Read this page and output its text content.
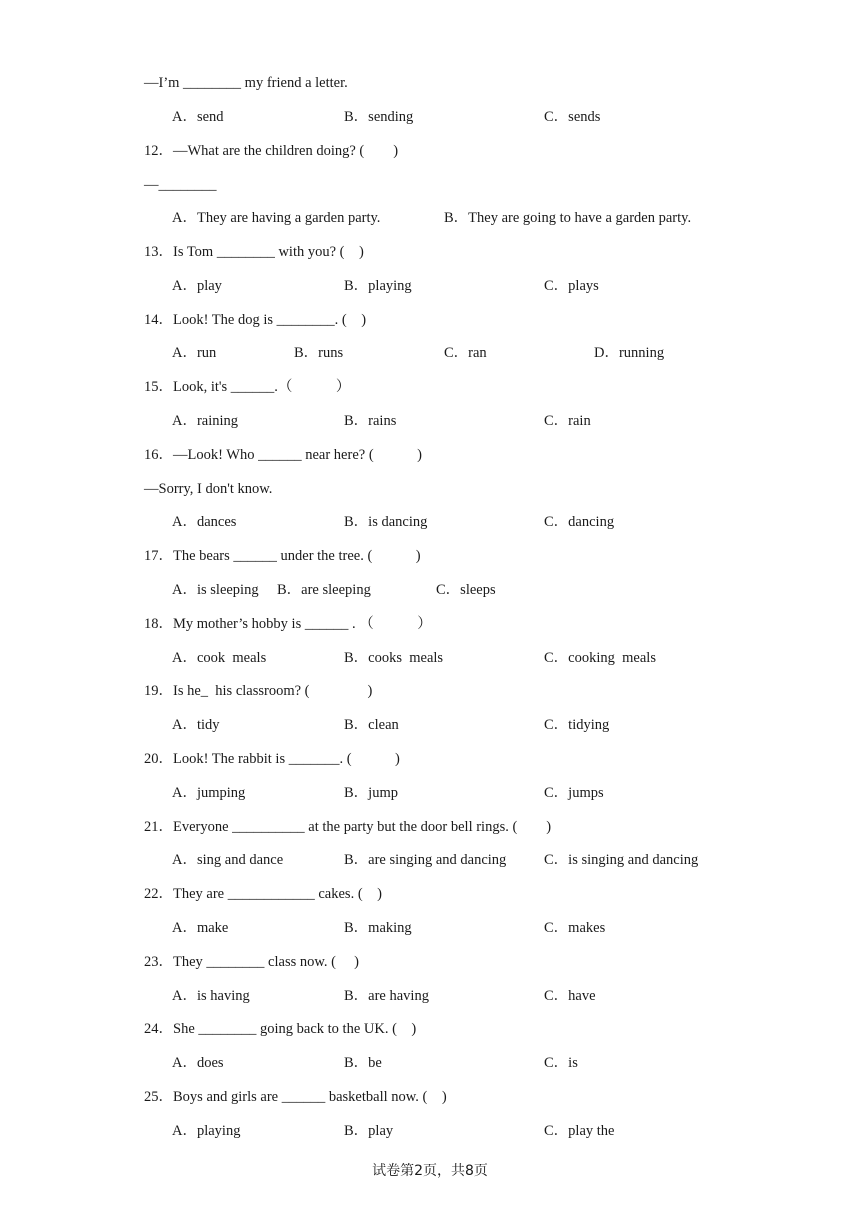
—I’m ________ my friend a letter.
A．send	B．sending	C．sends
12．—What are the children doing? (　　)
—________
A．They are having a garden party.	B．They are going to have a garden party.
13．Is Tom ________ with you? (　)
A．play	B．playing	C．plays
14．Look! The dog is ________. (　)
A．run	B．runs	C．ran	D．running
15．Look, it's ______.（　　　）
A．raining	B．rains	C．rain
16．—Look! Who ______ near here? (　　　)
—Sorry, I don't know.
A．dances	B．is dancing	C．dancing
17．The bears ______ under the tree. (　　　)
A．is sleeping B．are sleeping	C．sleeps
18．My mother’s hobby is ______ . （　　　）
A．cook  meals	B．cooks  meals	C．cooking  meals
19．Is he_  his classroom? (　　　　)
A．tidy	B．clean	C．tidying
20．Look! The rabbit is _______. (　　　)
A．jumping	B．jump	C．jumps
21．Everyone __________ at the party but the door bell rings. (　　)
A．sing and dance	B．are singing and dancing	C．is singing and dancing
22．They are ____________ cakes. (　)
A．make	B．making	C．makes
23．They ________ class now. (　 )
A．is having	B．are having	C．have
24．She ________ going back to the UK. (　)
A．does	B．be	C．is
25．Boys and girls are ______ basketball now. (　)
A．playing	B．play	C．play the
试卷第2页，共8页
